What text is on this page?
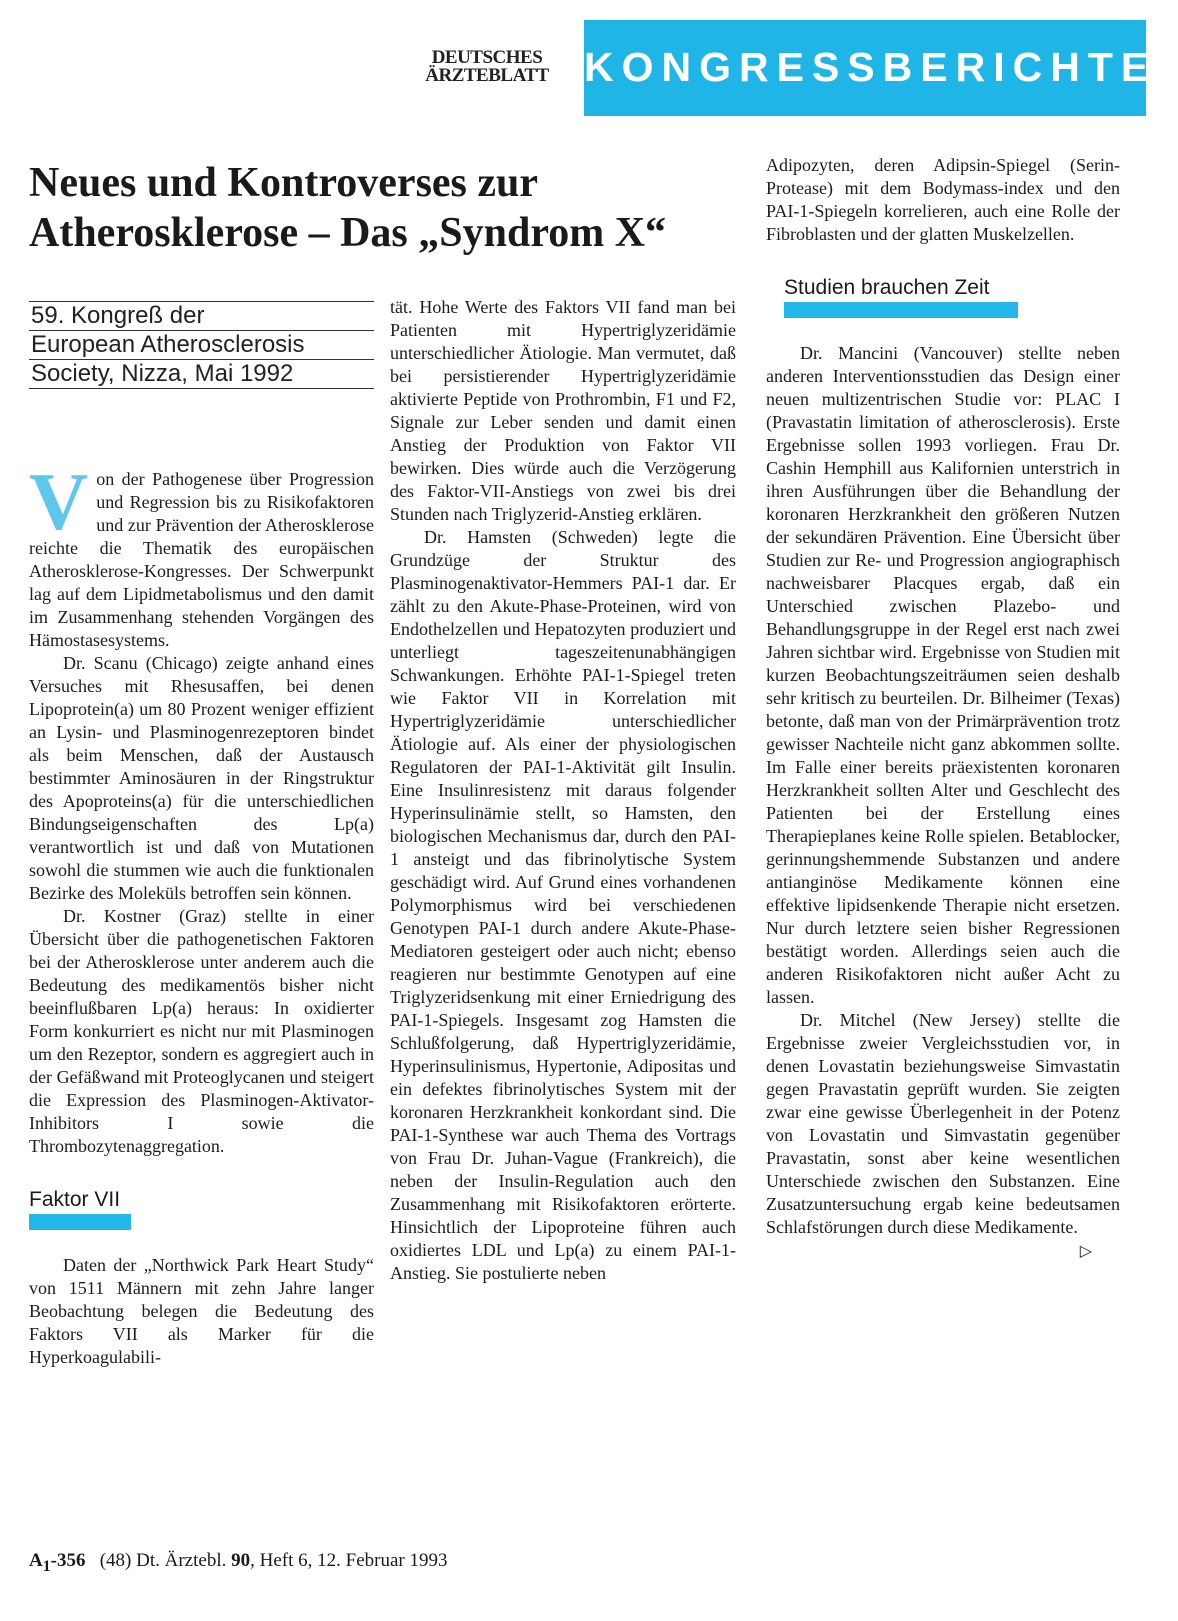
DEUTSCHES
ÄRZTEBLATT KONGRESSBERICHTE
Neues und Kontroverses zur
Atherosklerose – Das „Syndrom X“
59. Kongreß der
European Atherosclerosis
Society, Nizza, Mai 1992

Von der Pathogenese über Progression und Regression bis zu Risikofaktoren und zur Prävention der Atherosklerose reichte die Thematik des europäischen Atherosklerose-Kongresses. Der Schwerpunkt lag auf dem Lipidmetabolismus und den damit im Zusammenhang stehenden Vorgängen des Hämostasesystems.

Dr. Scanu (Chicago) zeigte anhand eines Versuches mit Rhesusaffen, bei denen Lipoprotein(a) um 80 Prozent weniger effizient an Lysin- und Plasminogenrezeptoren bindet als beim Menschen, daß der Austausch bestimmter Aminosäuren in der Ringstruktur des Apoproteins(a) für die unterschiedlichen Bindungseigenschaften des Lp(a) verantwortlich ist und daß von Mutationen sowohl die stummen wie auch die funktionalen Bezirke des Moleküls betroffen sein können.

Dr. Kostner (Graz) stellte in einer Übersicht über die pathogenetischen Faktoren bei der Atherosklerose unter anderem auch die Bedeutung des medikamentös bisher nicht beeinflußbaren Lp(a) heraus: In oxidierter Form konkurriert es nicht nur mit Plasminogen um den Rezeptor, sondern es aggregiert auch in der Gefäßwand mit Proteoglycanen und steigert die Expression des Plasminogen-Aktivator-Inhibitors I sowie die Thrombozytenaggregation.

Faktor VII

Daten der „Northwick Park Heart Study“ von 1511 Männern mit zehn Jahre langer Beobachtung belegen die Bedeutung des Faktors VII als Marker für die Hyperkoagulabili-

tät. Hohe Werte des Faktors VII fand man bei Patienten mit Hypertriglyzeridämie unterschiedlicher Ätiologie. Man vermutet, daß bei persistierender Hypertriglyzeridämie aktivierte Peptide von Prothrombin, F1 und F2, Signale zur Leber senden und damit einen Anstieg der Produktion von Faktor VII bewirken. Dies würde auch die Verzögerung des Faktor-VII-Anstiegs von zwei bis drei Stunden nach Triglyzerid-Anstieg erklären.

Dr. Hamsten (Schweden) legte die Grundzüge der Struktur des Plasminogenaktivator-Hemmers PAI-1 dar. Er zählt zu den Akute-Phase-Proteinen, wird von Endothelzellen und Hepatozyten produziert und unterliegt tageszeitenunabhängigen Schwankungen. Erhöhte PAI-1-Spiegel treten wie Faktor VII in Korrelation mit Hypertriglyzeridämie unterschiedlicher Ätiologie auf. Als einer der physiologischen Regulatoren der PAI-1-Aktivität gilt Insulin. Eine Insulinresistenz mit daraus folgender Hyperinsulinämie stellt, so Hamsten, den biologischen Mechanismus dar, durch den PAI-1 ansteigt und das fibrinolytische System geschädigt wird. Auf Grund eines vorhandenen Polymorphismus wird bei verschiedenen Genotypen PAI-1 durch andere Akute-Phase-Mediatoren gesteigert oder auch nicht; ebenso reagieren nur bestimmte Genotypen auf eine Triglyzeridsenkung mit einer Erniedrigung des PAI-1-Spiegels. Insgesamt zog Hamsten die Schlußfolgerung, daß Hypertriglyzeridämie, Hyperinsulinismus, Hypertonie, Adipositas und ein defektes fibrinolytisches System mit der koronaren Herzkrankheit konkordant sind. Die PAI-1-Synthese war auch Thema des Vortrags von Frau Dr. Juhan-Vague (Frankreich), die neben der Insulin-Regulation auch den Zusammenhang mit Risikofaktoren erörterte. Hinsichtlich der Lipoproteine führen auch oxidiertes LDL und Lp(a) zu einem PAI-1-Anstieg. Sie postulierte neben

Adipozyten, deren Adipsin-Spiegel (Serin-Protease) mit dem Bodymass-index und den PAI-1-Spiegeln korrelieren, auch eine Rolle der Fibroblasten und der glatten Muskelzellen.

Studien brauchen Zeit

Dr. Mancini (Vancouver) stellte neben anderen Interventionsstudien das Design einer neuen multizentrischen Studie vor: PLAC I (Pravastatin limitation of atherosclerosis). Erste Ergebnisse sollen 1993 vorliegen. Frau Dr. Cashin Hemphill aus Kalifornien unterstrich in ihren Ausführungen über die Behandlung der koronaren Herzkrankheit den größeren Nutzen der sekundären Prävention. Eine Übersicht über Studien zur Re- und Progression angiographisch nachweisbarer Placques ergab, daß ein Unterschied zwischen Plazebo- und Behandlungsgruppe in der Regel erst nach zwei Jahren sichtbar wird. Ergebnisse von Studien mit kurzen Beobachtungszeiträumen seien deshalb sehr kritisch zu beurteilen. Dr. Bilheimer (Texas) betonte, daß man von der Primärprävention trotz gewisser Nachteile nicht ganz abkommen sollte. Im Falle einer bereits präexistenten koronaren Herzkrankheit sollten Alter und Geschlecht des Patienten bei der Erstellung eines Therapieplanes keine Rolle spielen. Betablocker, gerinnungshemmende Substanzen und andere antianginöse Medikamente können eine effektive lipidsenkende Therapie nicht ersetzen. Nur durch letztere seien bisher Regressionen bestätigt worden. Allerdings seien auch die anderen Risikofaktoren nicht außer Acht zu lassen.

Dr. Mitchel (New Jersey) stellte die Ergebnisse zweier Vergleichsstudien vor, in denen Lovastatin beziehungsweise Simvastatin gegen Pravastatin geprüft wurden. Sie zeigten zwar eine gewisse Überlegenheit in der Potenz von Lovastatin und Simvastatin gegenüber Pravastatin, sonst aber keine wesentlichen Unterschiede zwischen den Substanzen. Eine Zusatzuntersuchung ergab keine bedeutsamen Schlafstörungen durch diese Medikamente.
▷

$A_1-356$ (48) Dt. Ärztebl. 90, Heft 6, 12. Februar 1993
